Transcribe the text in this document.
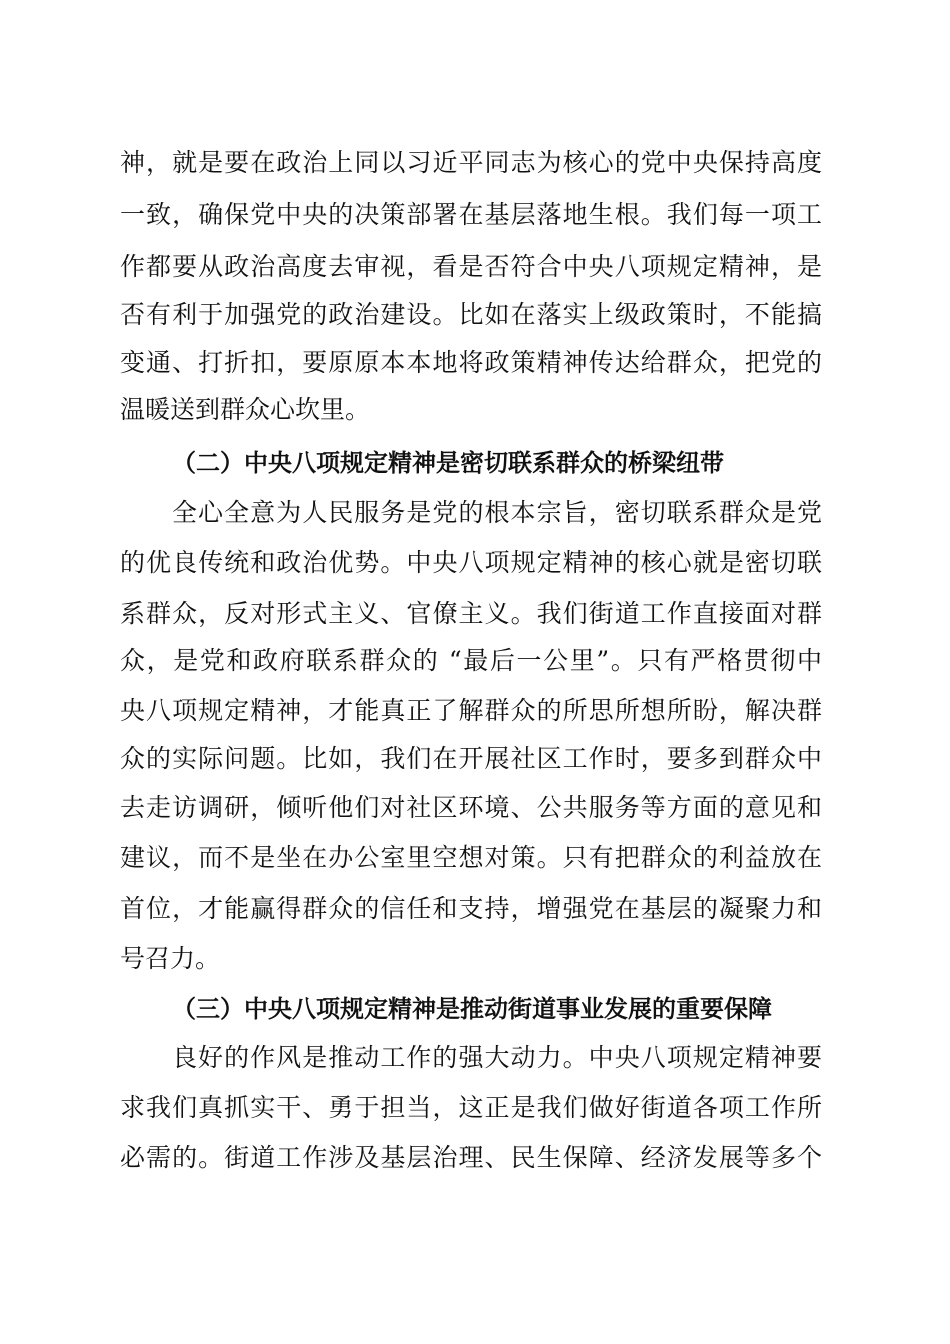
神，就是要在政治上同以习近平同志为核心的党中央保持高度
一致，确保党中央的决策部署在基层落地生根。我们每一项工
作都要从政治高度去审视，看是否符合中央八项规定精神，是
否有利于加强党的政治建设。比如在落实上级政策时，不能搞
变通、打折扣，要原原本本地将政策精神传达给群众，把党的
温暖送到群众心坎里。
（二）中央八项规定精神是密切联系群众的桥梁纽带
全心全意为人民服务是党的根本宗旨，密切联系群众是党
的优良传统和政治优势。中央八项规定精神的核心就是密切联
系群众，反对形式主义、官僚主义。我们街道工作直接面对群
众，是党和政府联系群众的 “最后一公里”。只有严格贯彻中
央八项规定精神，才能真正了解群众的所思所想所盼，解决群
众的实际问题。比如，我们在开展社区工作时，要多到群众中
去走访调研，倾听他们对社区环境、公共服务等方面的意见和
建议，而不是坐在办公室里空想对策。只有把群众的利益放在
首位，才能赢得群众的信任和支持，增强党在基层的凝聚力和
号召力。
（三）中央八项规定精神是推动街道事业发展的重要保障
良好的作风是推动工作的强大动力。中央八项规定精神要
求我们真抓实干、勇于担当，这正是我们做好街道各项工作所
必需的。街道工作涉及基层治理、民生保障、经济发展等多个
